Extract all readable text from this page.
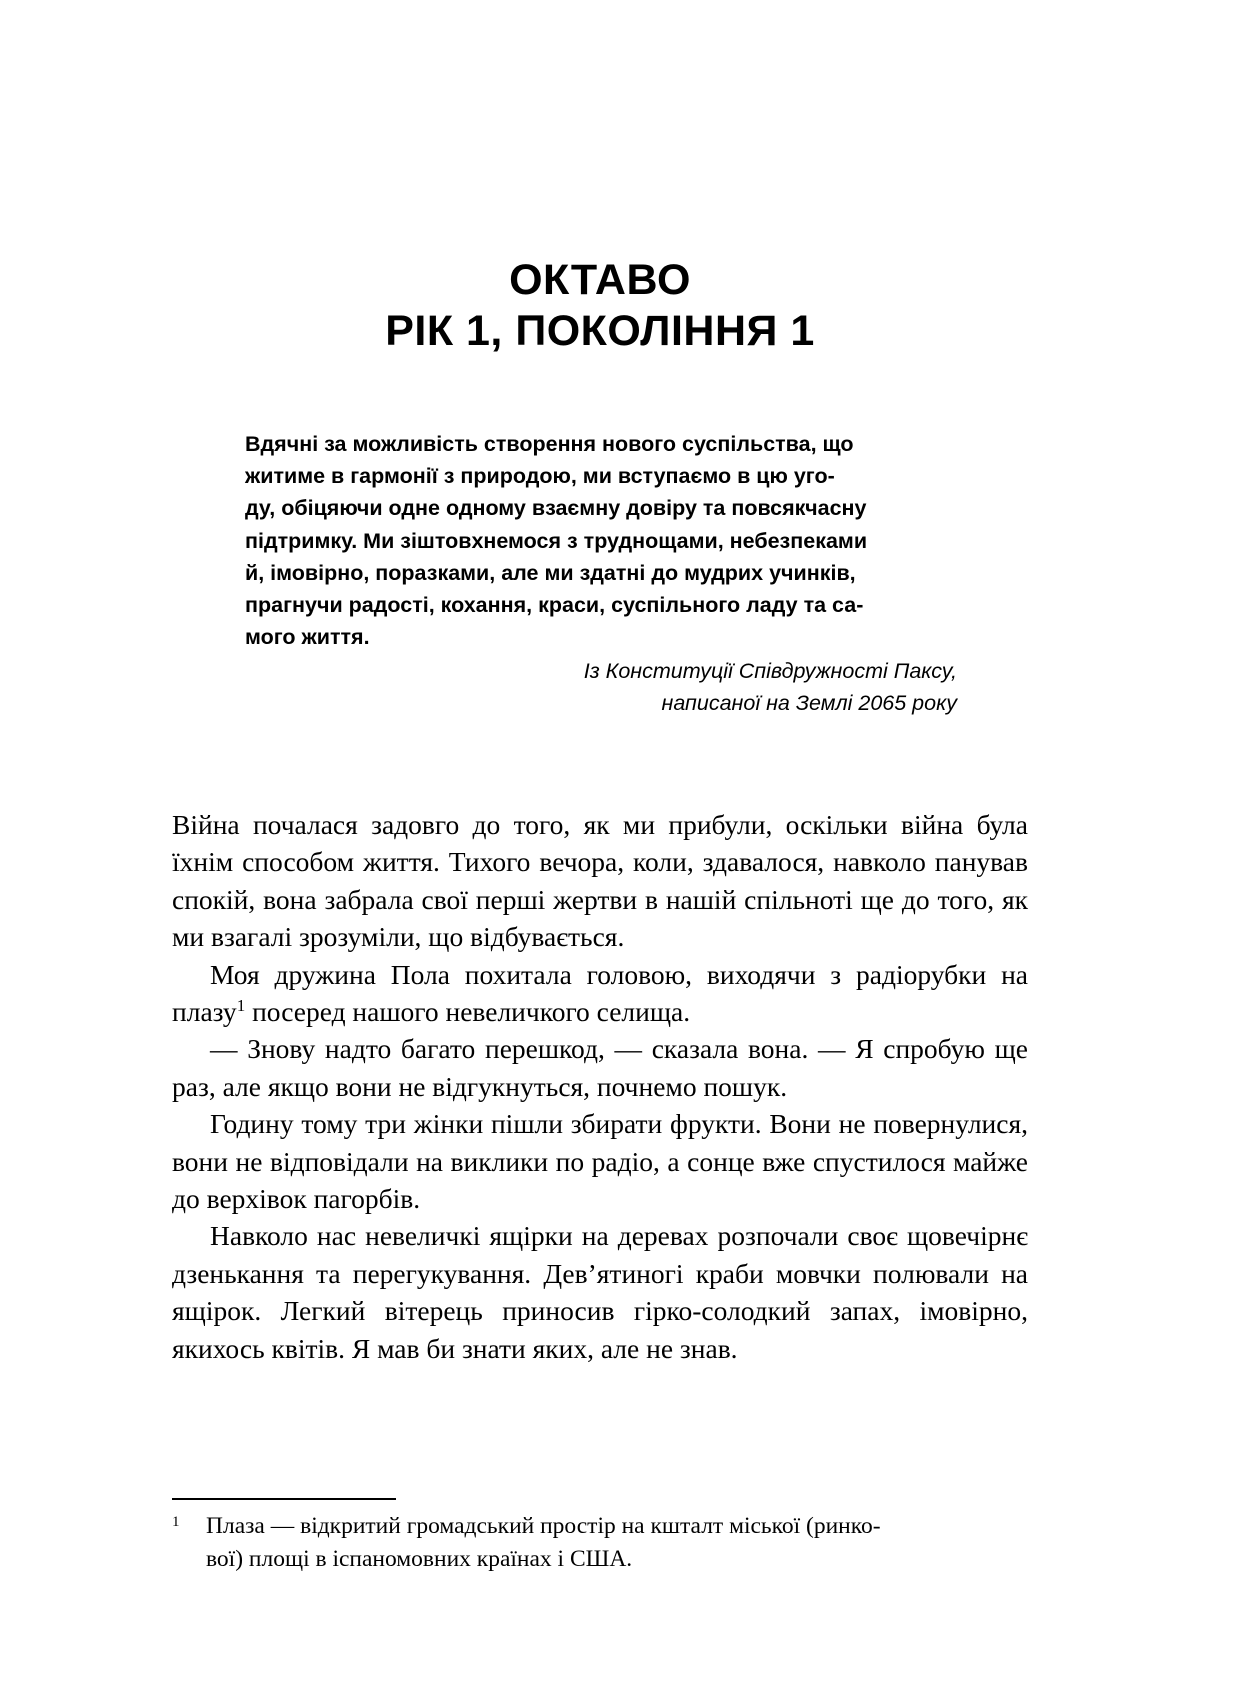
ОКТАВО
РІК 1, ПОКОЛІННЯ 1

Вдячні за можливість створення нового суспільства, що

житиме в гармонії з природою, ми вступаємо в цю уго-

ду, обіцяючи одне одному взаємну довіру та повсякчасну

підтримку. Ми зіштовхнемося з труднощами, небезпеками

й, імовірно, поразками, але ми здатні до мудрих учинків,

прагнучи радості, кохання, краси, суспільного ладу та са-

мого життя.

Із Конституції Співдружності Паксу,
написаної на Землі 2065 року

Війна почалася задовго до того, як ми прибули, оскільки війна була їхнім способом життя. Тихого вечора, коли, здавалося, навколо панував спокій, вона забрала свої перші жертви в нашій спільноті ще до того, як ми взагалі зрозуміли, що відбувається.

Моя дружина Пола похитала головою, виходячи з радіорубки на плазу$^1$ посеред нашого невеличкого селища.

— Знову надто багато перешкод, — сказала вона. — Я спробую ще раз, але якщо вони не відгукнуться, почнемо пошук.

Годину тому три жінки пішли збирати фрукти. Вони не повернулися, вони не відповідали на виклики по радіо, а сонце вже спустилося майже до верхівок пагорбів.

Навколо нас невеличкі ящірки на деревах розпочали своє щовечірнє дзенькання та перегукування. Дев’ятиногі краби мовчки полювали на ящірок. Легкий вітерець приносив гірко-солодкий запах, імовірно, якихось квітів. Я мав би знати яких, але не знав.

1 Плаза — відкритий громадський простір на кшталт міської (ринко-

вої) площі в іспаномовних країнах і США.
